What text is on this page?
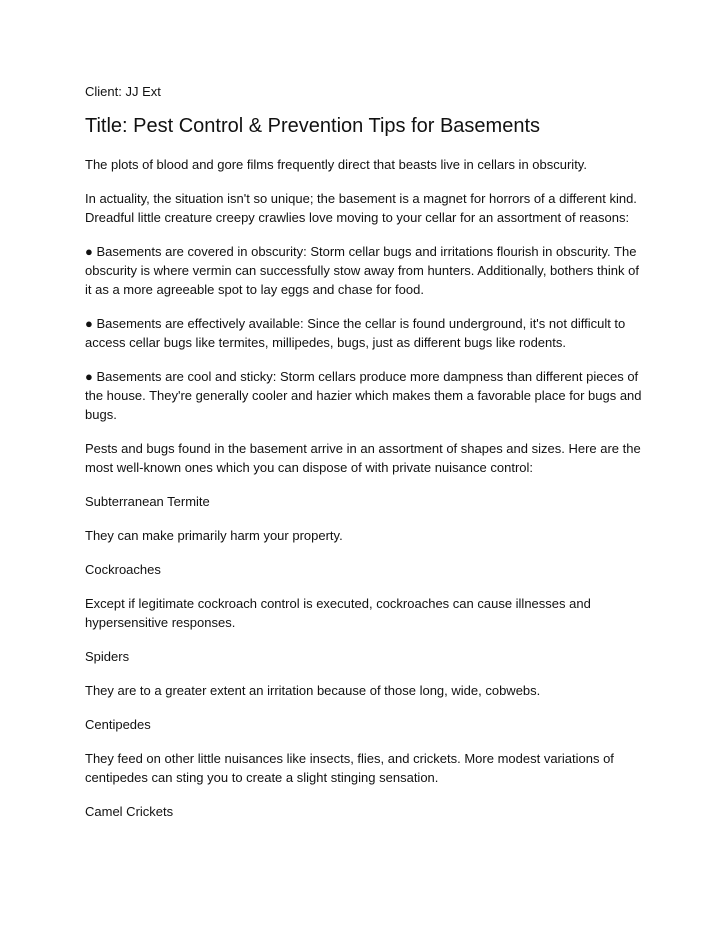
Client: JJ Ext

Title: Pest Control & Prevention Tips for Basements

The plots of blood and gore films frequently direct that beasts live in cellars in obscurity.

In actuality, the situation isn't so unique; the basement is a magnet for horrors of a different kind. Dreadful little creature creepy crawlies love moving to your cellar for an assortment of reasons:

● Basements are covered in obscurity: Storm cellar bugs and irritations flourish in obscurity. The obscurity is where vermin can successfully stow away from hunters. Additionally, bothers think of it as a more agreeable spot to lay eggs and chase for food.

● Basements are effectively available: Since the cellar is found underground, it's not difficult to access cellar bugs like termites, millipedes, bugs, just as different bugs like rodents.

● Basements are cool and sticky: Storm cellars produce more dampness than different pieces of the house. They're generally cooler and hazier which makes them a favorable place for bugs and bugs.

Pests and bugs found in the basement arrive in an assortment of shapes and sizes. Here are the most well-known ones which you can dispose of with private nuisance control:

Subterranean Termite

They can make primarily harm your property.

Cockroaches

Except if legitimate cockroach control is executed, cockroaches can cause illnesses and hypersensitive responses.

Spiders

They are to a greater extent an irritation because of those long, wide, cobwebs.

Centipedes

They feed on other little nuisances like insects, flies, and crickets. More modest variations of centipedes can sting you to create a slight stinging sensation.

Camel Crickets
